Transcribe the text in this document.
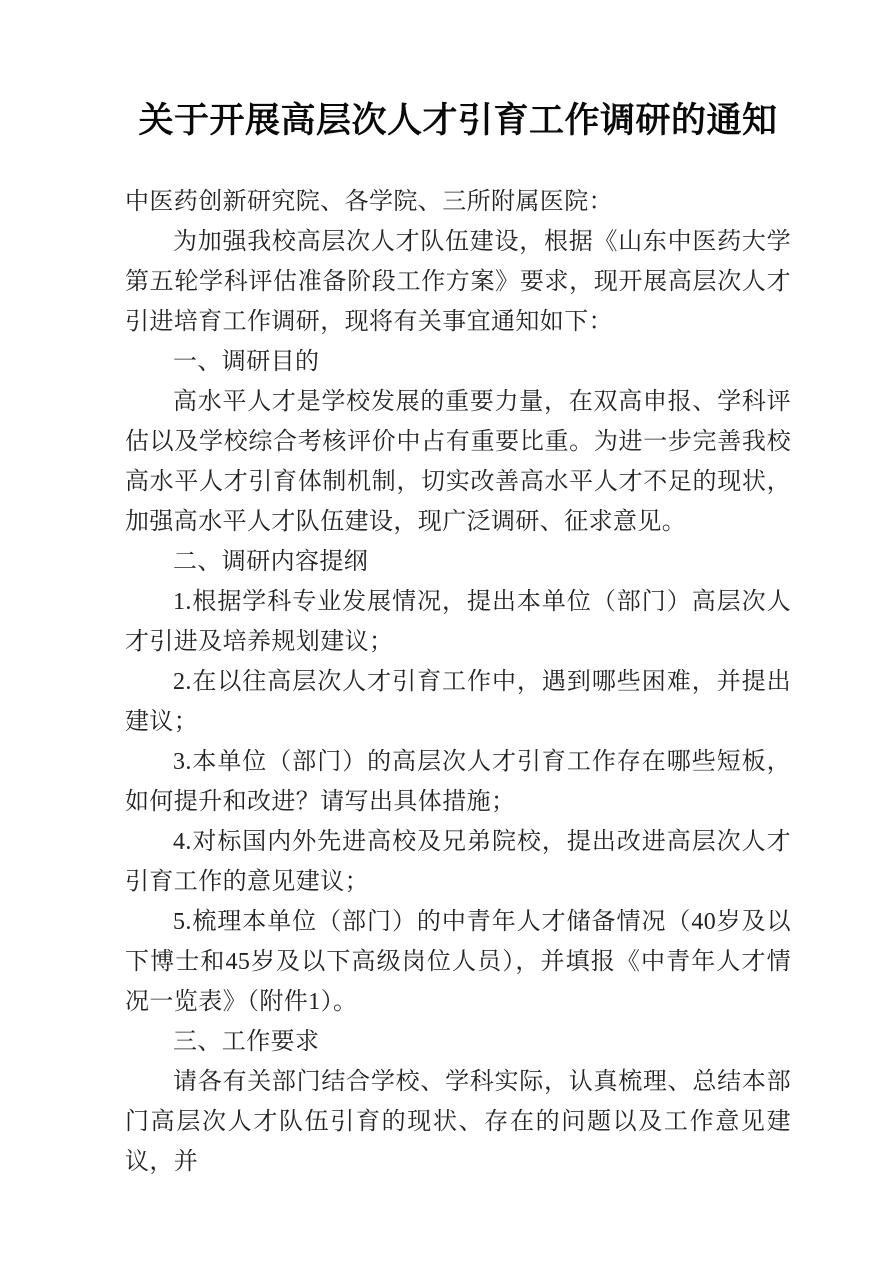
关于开展高层次人才引育工作调研的通知

中医药创新研究院、各学院、三所附属医院：

为加强我校高层次人才队伍建设，根据《山东中医药大学第五轮学科评估准备阶段工作方案》要求，现开展高层次人才引进培育工作调研，现将有关事宜通知如下：

一、调研目的

高水平人才是学校发展的重要力量，在双高申报、学科评估以及学校综合考核评价中占有重要比重。为进一步完善我校高水平人才引育体制机制，切实改善高水平人才不足的现状，加强高水平人才队伍建设，现广泛调研、征求意见。

二、调研内容提纲

1.根据学科专业发展情况，提出本单位（部门）高层次人才引进及培养规划建议；

2.在以往高层次人才引育工作中，遇到哪些困难，并提出建议；

3.本单位（部门）的高层次人才引育工作存在哪些短板，如何提升和改进？请写出具体措施；

4.对标国内外先进高校及兄弟院校，提出改进高层次人才引育工作的意见建议；

5.梳理本单位（部门）的中青年人才储备情况（40岁及以下博士和45岁及以下高级岗位人员），并填报《中青年人才情况一览表》（附件1）。

三、工作要求

请各有关部门结合学校、学科实际，认真梳理、总结本部门高层次人才队伍引育的现状、存在的问题以及工作意见建议，并
